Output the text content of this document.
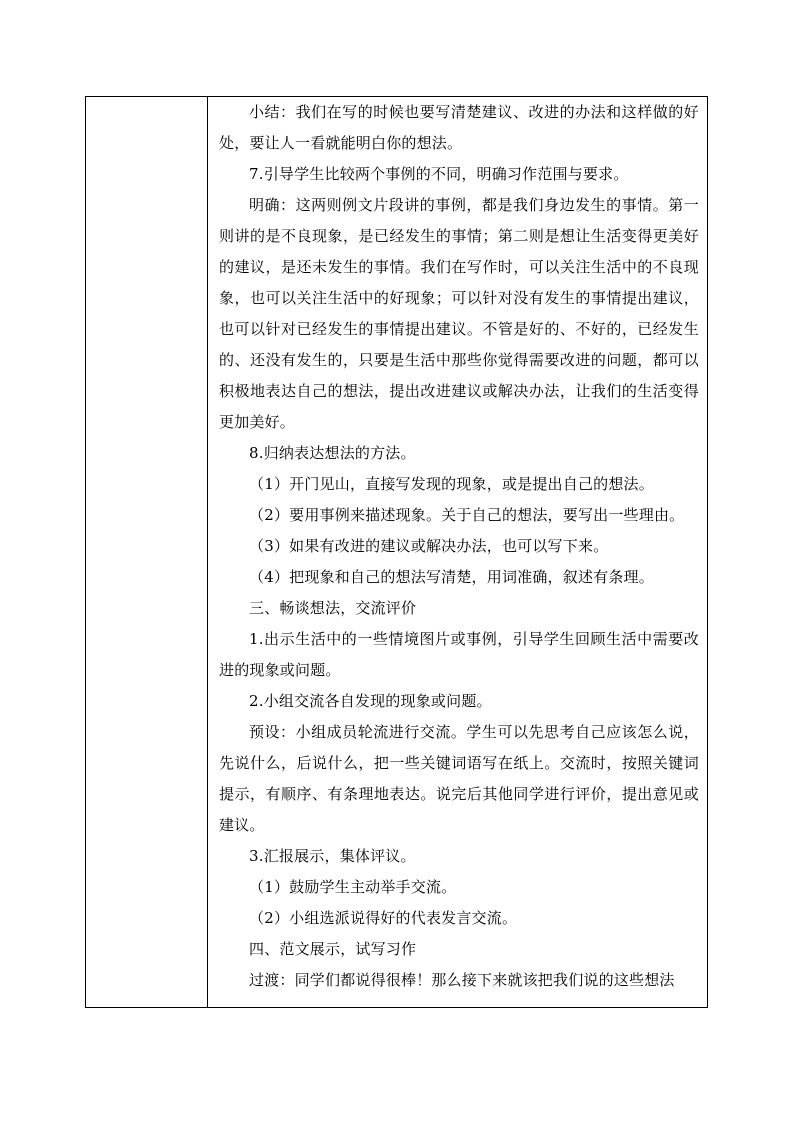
小结：我们在写的时候也要写清楚建议、改进的办法和这样做的好处，要让人一看就能明白你的想法。

7.引导学生比较两个事例的不同，明确习作范围与要求。

明确：这两则例文片段讲的事例，都是我们身边发生的事情。第一则讲的是不良现象，是已经发生的事情；第二则是想让生活变得更美好的建议，是还未发生的事情。我们在写作时，可以关注生活中的不良现象，也可以关注生活中的好现象；可以针对没有发生的事情提出建议，也可以针对已经发生的事情提出建议。不管是好的、不好的，已经发生的、还没有发生的，只要是生活中那些你觉得需要改进的问题，都可以积极地表达自己的想法，提出改进建议或解决办法，让我们的生活变得更加美好。

8.归纳表达想法的方法。

（1）开门见山，直接写发现的现象，或是提出自己的想法。

（2）要用事例来描述现象。关于自己的想法，要写出一些理由。

（3）如果有改进的建议或解决办法，也可以写下来。

（4）把现象和自己的想法写清楚，用词准确，叙述有条理。

三、畅谈想法，交流评价

1.出示生活中的一些情境图片或事例，引导学生回顾生活中需要改进的现象或问题。

2.小组交流各自发现的现象或问题。

预设：小组成员轮流进行交流。学生可以先思考自己应该怎么说，先说什么，后说什么，把一些关键词语写在纸上。交流时，按照关键词提示，有顺序、有条理地表达。说完后其他同学进行评价，提出意见或建议。

3.汇报展示，集体评议。

（1）鼓励学生主动举手交流。

（2）小组选派说得好的代表发言交流。

四、范文展示，试写习作

过渡：同学们都说得很棒！那么接下来就该把我们说的这些想法
